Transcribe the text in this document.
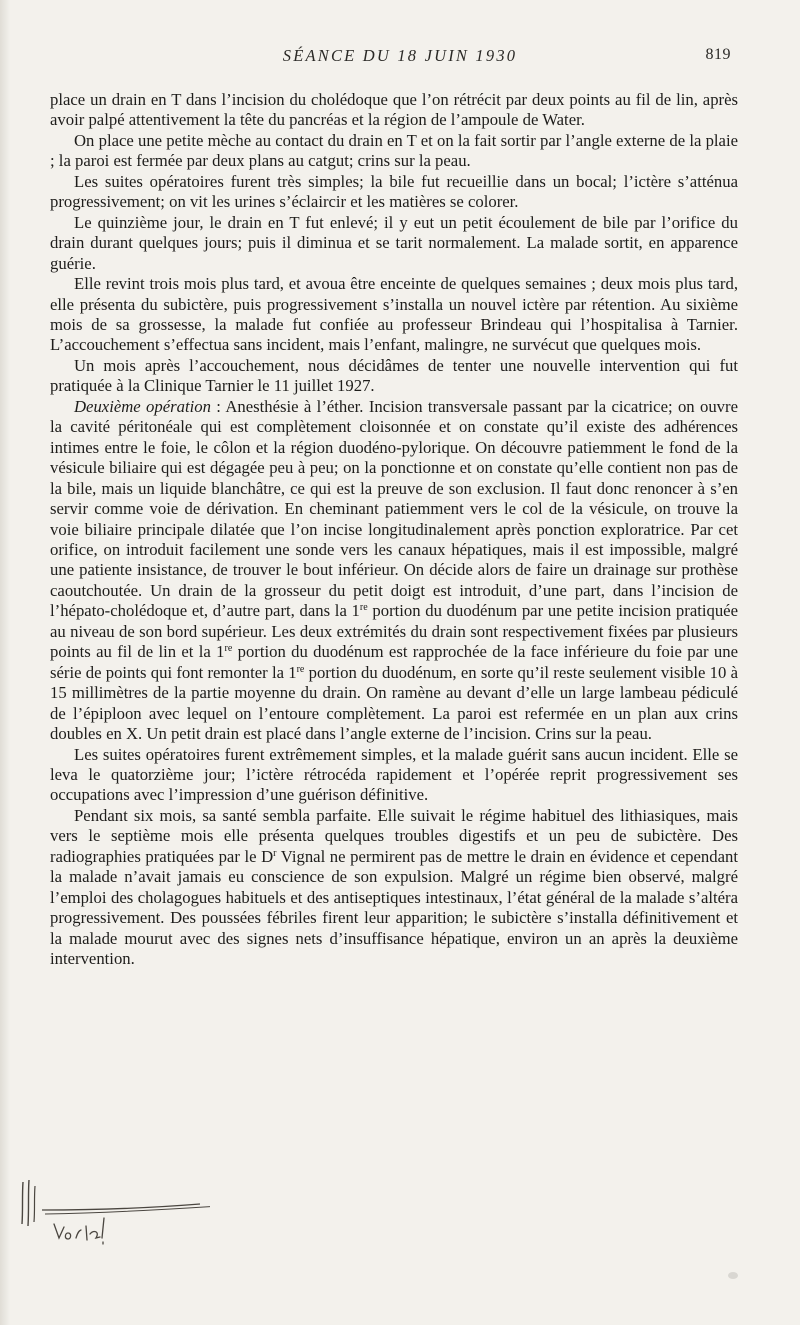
SÉANCE DU 18 JUIN 1930	819

place un drain en T dans l’incision du cholédoque que l’on rétrécit par deux points au fil de lin, après avoir palpé attentivement la tête du pancréas et la région de l’ampoule de Water.

On place une petite mèche au contact du drain en T et on la fait sortir par l’angle externe de la plaie ; la paroi est fermée par deux plans au catgut; crins sur la peau.

Les suites opératoires furent très simples; la bile fut recueillie dans un bocal; l’ictère s’atténua progressivement; on vit les urines s’éclaircir et les matières se colorer.

Le quinzième jour, le drain en T fut enlevé; il y eut un petit écoulement de bile par l’orifice du drain durant quelques jours; puis il diminua et se tarit normalement. La malade sortit, en apparence guérie.

Elle revint trois mois plus tard, et avoua être enceinte de quelques semaines ; deux mois plus tard, elle présenta du subictère, puis progressivement s’installa un nouvel ictère par rétention. Au sixième mois de sa grossesse, la malade fut confiée au professeur Brindeau qui l’hospitalisa à Tarnier. L’accouchement s’effectua sans incident, mais l’enfant, malingre, ne survécut que quelques mois.

Un mois après l’accouchement, nous décidâmes de tenter une nouvelle intervention qui fut pratiquée à la Clinique Tarnier le 11 juillet 1927.

Deuxième opération : Anesthésie à l’éther. Incision transversale passant par la cicatrice; on ouvre la cavité péritonéale qui est complètement cloisonnée et on constate qu’il existe des adhérences intimes entre le foie, le côlon et la région duodéno-pylorique. On découvre patiemment le fond de la vésicule biliaire qui est dégagée peu à peu; on la ponctionne et on constate qu’elle contient non pas de la bile, mais un liquide blanchâtre, ce qui est la preuve de son exclusion. Il faut donc renoncer à s’en servir comme voie de dérivation. En cheminant patiemment vers le col de la vésicule, on trouve la voie biliaire principale dilatée que l’on incise longitudinalement après ponction exploratrice. Par cet orifice, on introduit facilement une sonde vers les canaux hépatiques, mais il est impossible, malgré une patiente insistance, de trouver le bout inférieur. On décide alors de faire un drainage sur prothèse caoutchoutée. Un drain de la grosseur du petit doigt est introduit, d’une part, dans l’incision de l’hépato-cholédoque et, d’autre part, dans la 1re portion du duodénum par une petite incision pratiquée au niveau de son bord supérieur. Les deux extrémités du drain sont respectivement fixées par plusieurs points au fil de lin et la 1re portion du duodénum est rapprochée de la face inférieure du foie par une série de points qui font remonter la 1re portion du duodénum, en sorte qu’il reste seulement visible 10 à 15 millimètres de la partie moyenne du drain. On ramène au devant d’elle un large lambeau pédiculé de l’épiploon avec lequel on l’entoure complètement. La paroi est refermée en un plan aux crins doubles en X. Un petit drain est placé dans l’angle externe de l’incision. Crins sur la peau.

Les suites opératoires furent extrêmement simples, et la malade guérit sans aucun incident. Elle se leva le quatorzième jour; l’ictère rétrocéda rapidement et l’opérée reprit progressivement ses occupations avec l’impression d’une guérison définitive.

Pendant six mois, sa santé sembla parfaite. Elle suivait le régime habituel des lithiasiques, mais vers le septième mois elle présenta quelques troubles digestifs et un peu de subictère. Des radiographies pratiquées par le $D^r$ Vignal ne permirent pas de mettre le drain en évidence et cependant la malade n’avait jamais eu conscience de son expulsion. Malgré un régime bien observé, malgré l’emploi des cholagogues habituels et des antiseptiques intestinaux, l’état général de la malade s’altéra progressivement. Des poussées fébriles firent leur apparition; le subictère s’installa définitivement et la malade mourut avec des signes nets d’insuffisance hépatique, environ un an après la deuxième intervention.
